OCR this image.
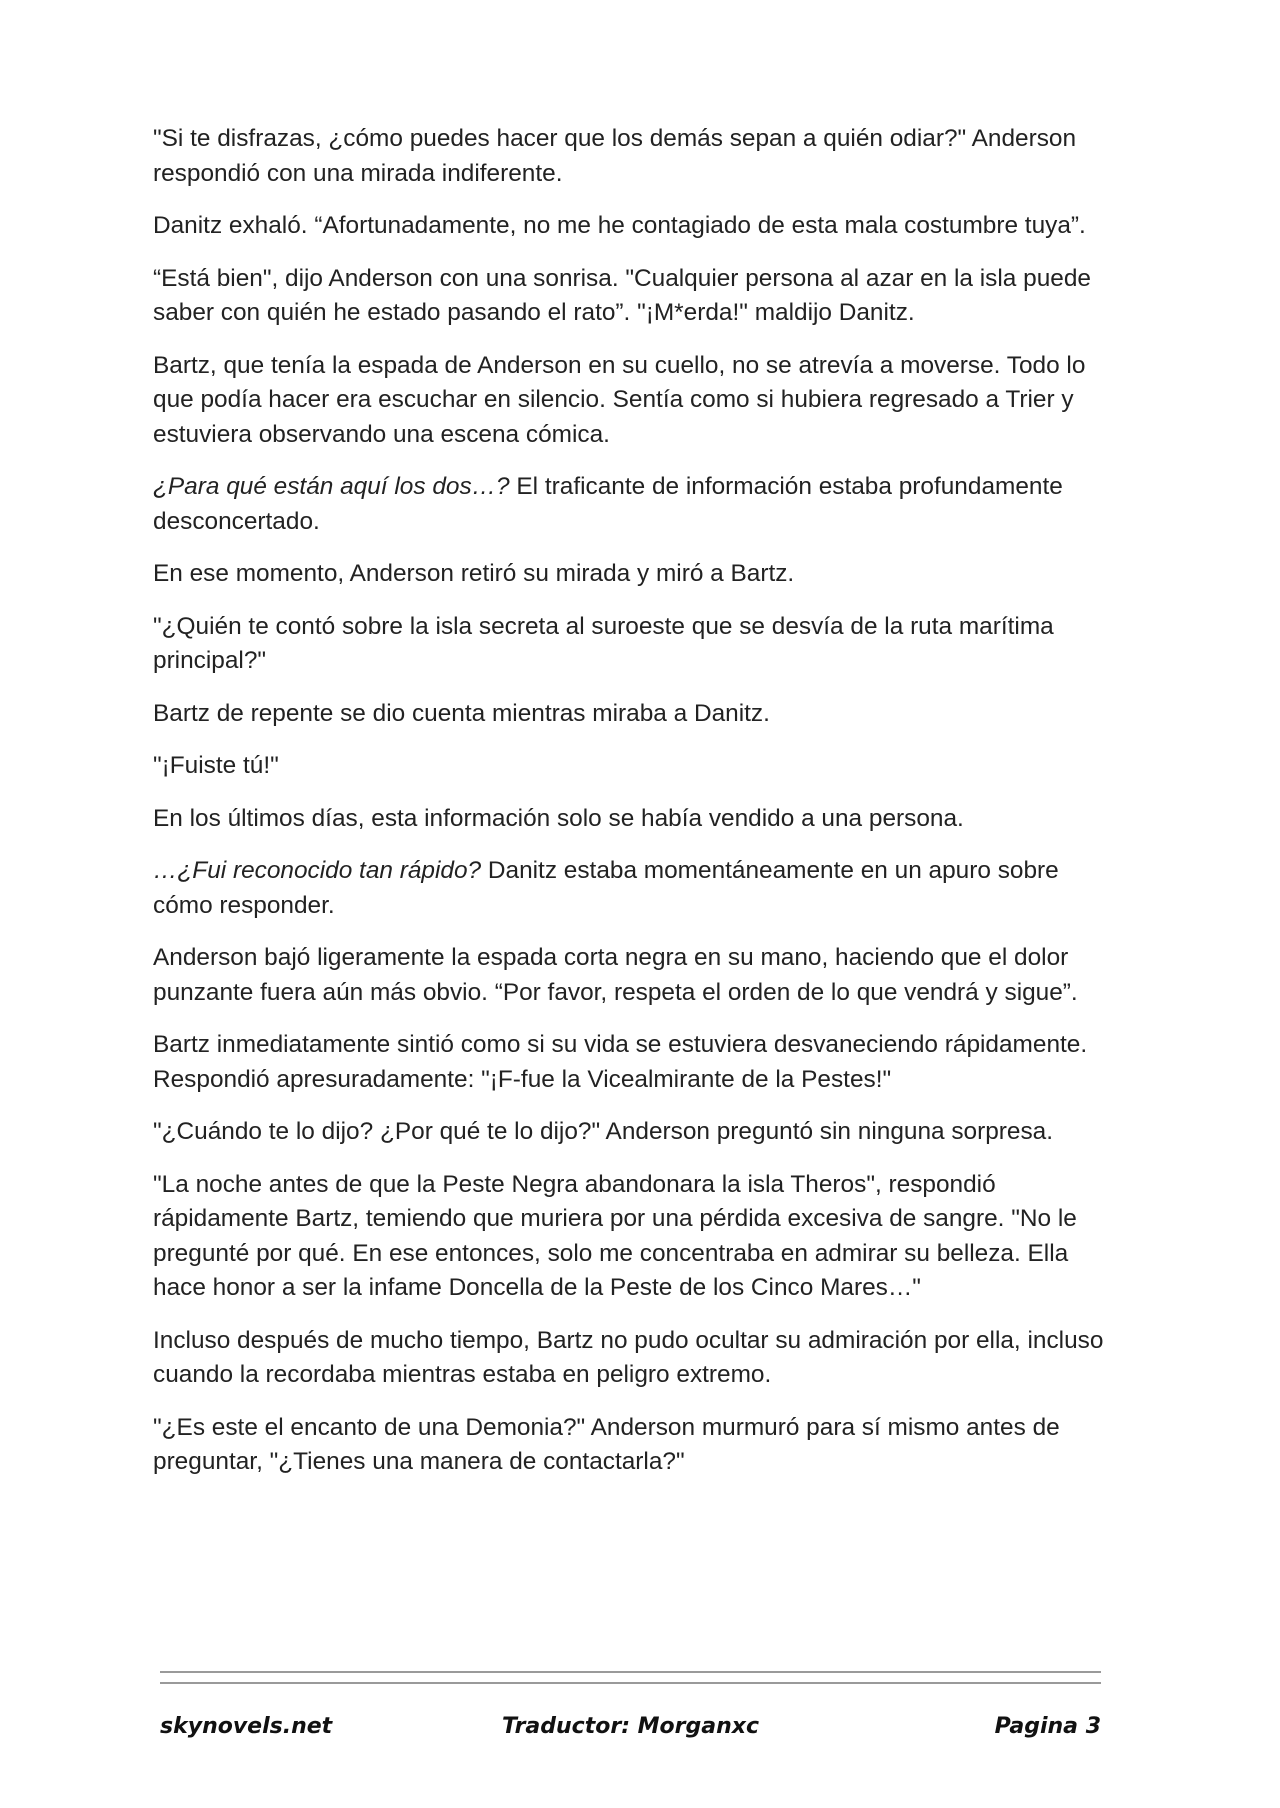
"Si te disfrazas, ¿cómo puedes hacer que los demás sepan a quién odiar?" Anderson respondió con una mirada indiferente.

Danitz exhaló. “Afortunadamente, no me he contagiado de esta mala costumbre tuya”.

“Está bien", dijo Anderson con una sonrisa. "Cualquier persona al azar en la isla puede saber con quién he estado pasando el rato”. "¡M*erda!" maldijo Danitz.

Bartz, que tenía la espada de Anderson en su cuello, no se atrevía a moverse. Todo lo que podía hacer era escuchar en silencio. Sentía como si hubiera regresado a Trier y estuviera observando una escena cómica.

¿Para qué están aquí los dos…? El traficante de información estaba profundamente desconcertado.

En ese momento, Anderson retiró su mirada y miró a Bartz.

"¿Quién te contó sobre la isla secreta al suroeste que se desvía de la ruta marítima principal?"

Bartz de repente se dio cuenta mientras miraba a Danitz.

"¡Fuiste tú!"

En los últimos días, esta información solo se había vendido a una persona.

…¿Fui reconocido tan rápido? Danitz estaba momentáneamente en un apuro sobre cómo responder.

Anderson bajó ligeramente la espada corta negra en su mano, haciendo que el dolor punzante fuera aún más obvio. “Por favor, respeta el orden de lo que vendrá y sigue”.

Bartz inmediatamente sintió como si su vida se estuviera desvaneciendo rápidamente. Respondió apresuradamente: "¡F-fue la Vicealmirante de la Pestes!"

"¿Cuándo te lo dijo? ¿Por qué te lo dijo?" Anderson preguntó sin ninguna sorpresa.

"La noche antes de que la Peste Negra abandonara la isla Theros", respondió rápidamente Bartz, temiendo que muriera por una pérdida excesiva de sangre. "No le pregunté por qué. En ese entonces, solo me concentraba en admirar su belleza. Ella hace honor a ser la infame Doncella de la Peste de los Cinco Mares…"

Incluso después de mucho tiempo, Bartz no pudo ocultar su admiración por ella, incluso cuando la recordaba mientras estaba en peligro extremo.

"¿Es este el encanto de una Demonia?" Anderson murmuró para sí mismo antes de preguntar, "¿Tienes una manera de contactarla?"

skynovels.net	Traductor: Morganxc	Pagina 3
